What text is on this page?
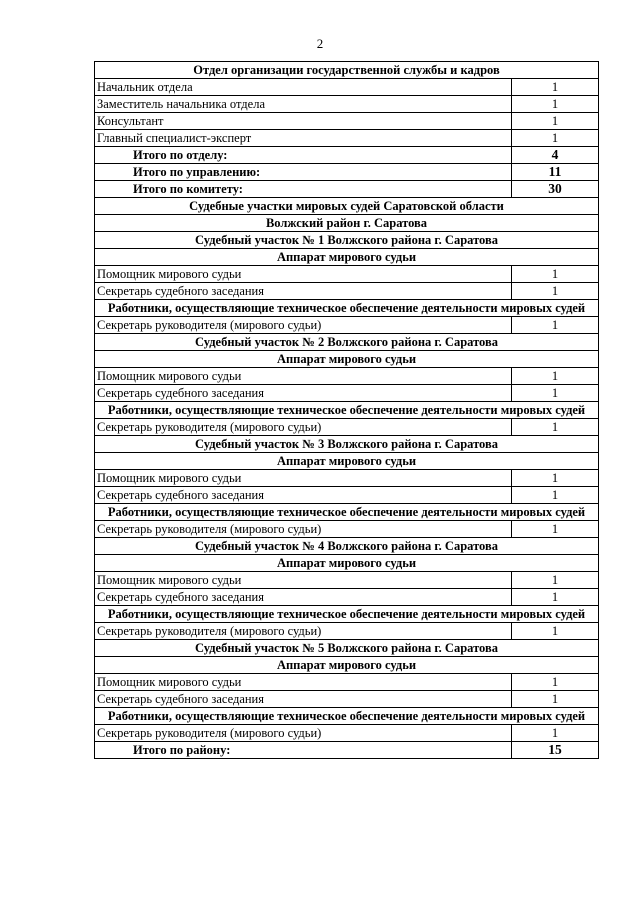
2
Отдел организации государственной службы и кадров	
Начальник отдела	1
Заместитель начальника отдела	1
Консультант	1
Главный специалист-эксперт	1
Итого по отделу:	4
Итого по управлению:	11
Итого по комитету:	30
Судебные участки мировых судей Саратовской области	
Волжский район г. Саратова	
Судебный участок № 1 Волжского района г. Саратова	
Аппарат мирового судьи	
Помощник мирового судьи	1
Секретарь судебного заседания	1
Работники, осуществляющие техническое обеспечение деятельности мировых судей	
Секретарь руководителя (мирового судьи)	1
Судебный участок № 2 Волжского района г. Саратова	
Аппарат мирового судьи	
Помощник мирового судьи	1
Секретарь судебного заседания	1
Работники, осуществляющие техническое обеспечение деятельности мировых судей	
Секретарь руководителя (мирового судьи)	1
Судебный участок № 3 Волжского района г. Саратова	
Аппарат мирового судьи	
Помощник мирового судьи	1
Секретарь судебного заседания	1
Работники, осуществляющие техническое обеспечение деятельности мировых судей	
Секретарь руководителя (мирового судьи)	1
Судебный участок № 4 Волжского района г. Саратова	
Аппарат мирового судьи	
Помощник мирового судьи	1
Секретарь судебного заседания	1
Работники, осуществляющие техническое обеспечение деятельности мировых судей	
Секретарь руководителя (мирового судьи)	1
Судебный участок № 5 Волжского района г. Саратова	
Аппарат мирового судьи	
Помощник мирового судьи	1
Секретарь судебного заседания	1
Работники, осуществляющие техническое обеспечение деятельности мировых судей	
Секретарь руководителя (мирового судьи)	1
Итого по району:	15
